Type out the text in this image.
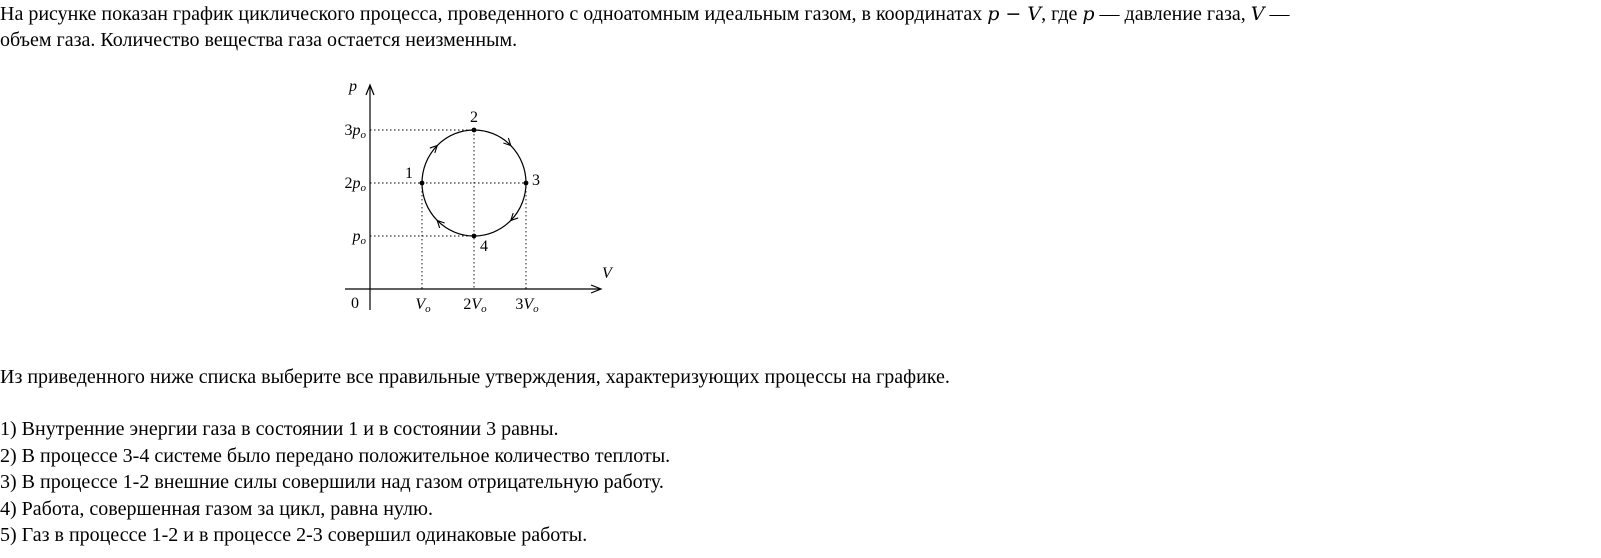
На рисунке показан график циклического процесса, проведенного с одноатомным идеальным газом, в координатах p − V, где p — давление газа, V —
объем газа. Количество вещества газа остается неизменным.
p
V
0
3po
2po
po
Vo 2Vo 3Vo
1
2
3
4
Из приведенного ниже списка выберите все правильные утверждения, характеризующих процессы на графике.
1) Внутренние энергии газа в состоянии 1 и в состоянии 3 равны.
2) В процессе 3-4 системе было передано положительное количество теплоты.
3) В процессе 1-2 внешние силы совершили над газом отрицательную работу.
4) Работа, совершенная газом за цикл, равна нулю.
5) Газ в процессе 1-2 и в процессе 2-3 совершил одинаковые работы.
